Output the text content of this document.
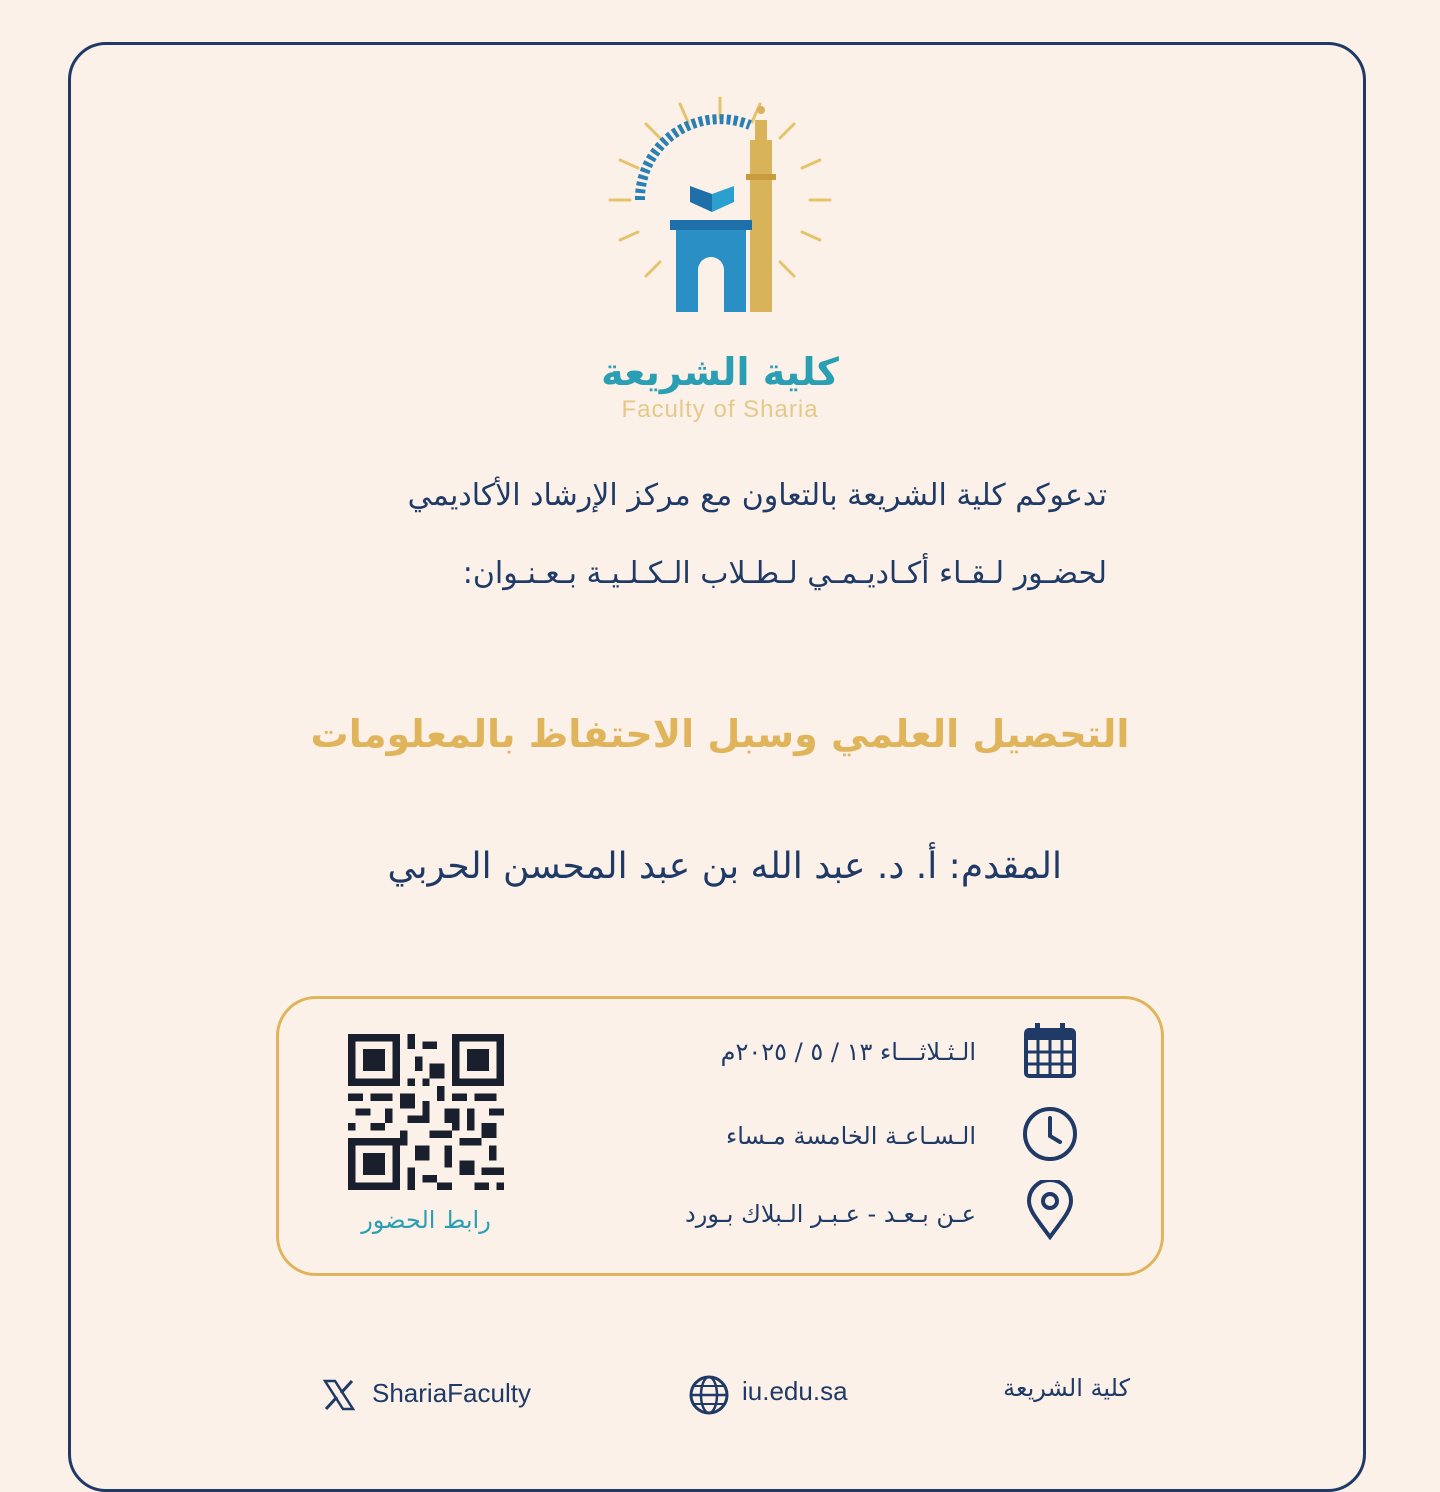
كلية الشريعة
Faculty of Sharia
تدعوكم كلية الشريعة بالتعاون مع مركز الإرشاد الأكاديمي
لحضـور لـقـاء أكـاديـمـي لـطـلاب الـكـلـيـة بـعـنـوان:
التحصيل العلمي وسبل الاحتفاظ بالمعلومات
المقدم: أ. د. عبد الله بن عبد المحسن الحربي
الـثـلاثـــاء ١٣ / ٥ / ٢٠٢٥م
الـسـاعـة الخامسة مـساء
عـن بـعـد - عـبـر الـبلاك بـورد
رابط الحضور
ShariaFaculty	iu.edu.sa	كلية الشريعة
